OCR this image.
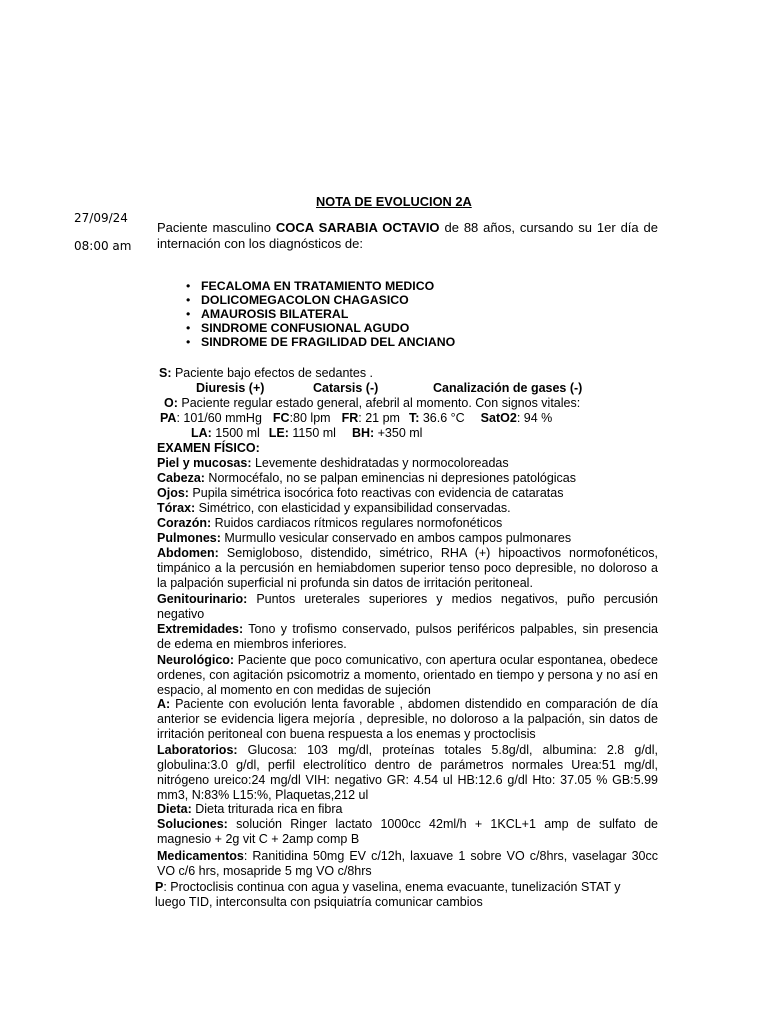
NOTA DE EVOLUCION 2A
27/09/24
08:00 am
Paciente masculino COCA SARABIA OCTAVIO de 88 años, cursando su 1er día de internación con los diagnósticos de:
• FECALOMA EN TRATAMIENTO MEDICO
• DOLICOMEGACOLON CHAGASICO
• AMAUROSIS BILATERAL
• SINDROME CONFUSIONAL AGUDO
• SINDROME DE FRAGILIDAD DEL ANCIANO
S: Paciente bajo efectos de sedantes .
Diuresis (+)	Catarsis (-)	Canalización de gases (-)
O: Paciente regular estado general, afebril al momento. Con signos vitales:
PA: 101/60 mmHg FC:80 lpm FR: 21 pm T: 36.6 °C SatO2: 94 %
LA: 1500 ml LE: 1150 ml BH: +350 ml
EXAMEN FÍSICO:
Piel y mucosas: Levemente deshidratadas y normocoloreadas
Cabeza: Normocéfalo, no se palpan eminencias ni depresiones patológicas
Ojos: Pupila simétrica isocórica foto reactivas con evidencia de cataratas
Tórax: Simétrico, con elasticidad y expansibilidad conservadas.
Corazón: Ruidos cardiacos rítmicos regulares normofonéticos
Pulmones: Murmullo vesicular conservado en ambos campos pulmonares
Abdomen: Semigloboso, distendido, simétrico, RHA (+) hipoactivos normofonéticos, timpánico a la percusión en hemiabdomen superior tenso poco depresible, no doloroso a la palpación superficial ni profunda sin datos de irritación peritoneal.
Genitourinario: Puntos ureterales superiores y medios negativos, puño percusión negativo
Extremidades: Tono y trofismo conservado, pulsos periféricos palpables, sin presencia de edema en miembros inferiores.
Neurológico: Paciente que poco comunicativo, con apertura ocular espontanea, obedece ordenes, con agitación psicomotriz a momento, orientado en tiempo y persona y no así en espacio, al momento en con medidas de sujeción
A: Paciente con evolución lenta favorable , abdomen distendido en comparación de día anterior se evidencia ligera mejoría , depresible, no doloroso a la palpación, sin datos de irritación peritoneal con buena respuesta a los enemas y proctoclisis
Laboratorios: Glucosa: 103 mg/dl, proteínas totales 5.8g/dl, albumina: 2.8 g/dl, globulina:3.0 g/dl, perfil electrolítico dentro de parámetros normales Urea:51 mg/dl, nitrógeno ureico:24 mg/dl VIH: negativo GR: 4.54 ul HB:12.6 g/dl Hto: 37.05 % GB:5.99 mm3, N:83% L15:%, Plaquetas,212 ul
Dieta: Dieta triturada rica en fibra
Soluciones: solución Ringer lactato 1000cc 42ml/h + 1KCL+1 amp de sulfato de magnesio + 2g vit C + 2amp comp B
Medicamentos: Ranitidina 50mg EV c/12h, laxuave 1 sobre VO c/8hrs, vaselagar 30cc VO c/6 hrs, mosapride 5 mg VO c/8hrs
P: Proctoclisis continua con agua y vaselina, enema evacuante, tunelización STAT y luego TID, interconsulta con psiquiatría comunicar cambios
